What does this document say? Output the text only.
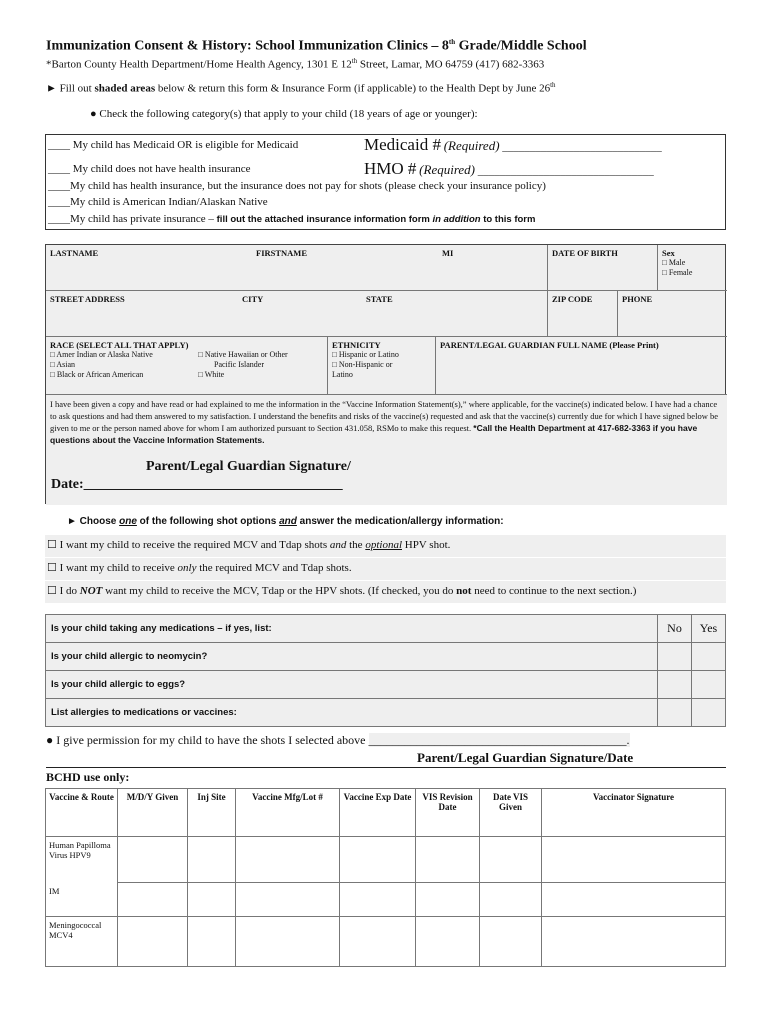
Immunization Consent & History: School Immunization Clinics – 8th Grade/Middle School
*Barton County Health Department/Home Health Agency, 1301 E 12th Street, Lamar, MO 64759 (417) 682-3363
► Fill out shaded areas below & return this form & Insurance Form (if applicable) to the Health Dept by June 26th
● Check the following category(s) that apply to your child (18 years of age or younger):
____ My child has Medicaid OR is eligible for Medicaid	Medicaid # (Required) _____________________________
____ My child does not have health insurance	HMO # (Required) ________________________________
____My child has health insurance, but the insurance does not pay for shots (please check your insurance policy)
____My child is American Indian/Alaskan Native
____My child has private insurance – fill out the attached insurance information form in addition to this form
LASTNAME	FIRSTNAME	MI	DATE OF BIRTH	Sex
□ Male
□ Female
STREET ADDRESS	CITY	STATE	ZIP CODE	PHONE
RACE (SELECT ALL THAT APPLY)
□ Amer Indian or Alaska Native	□ Native Hawaiian or Other
□ Asian	Pacific Islander
□ Black or African American	□ White
ETHNICITY
□ Hispanic or Latino
□ Non-Hispanic or
Latino
PARENT/LEGAL GUARDIAN FULL NAME (Please Print)
I have been given a copy and have read or had explained to me the information in the “Vaccine Information Statement(s),” where applicable, for the vaccine(s) indicated below. I have had a chance to ask questions and had them answered to my satisfaction. I understand the benefits and risks of the vaccine(s) requested and ask that the vaccine(s) currently due for which I have signed below be given to me or the person named above for whom I am authorized pursuant to Section 431.058, RSMo to make this request. *Call the Health Department at 417-682-3363 if you have questions about the Vaccine Information Statements.
Parent/Legal Guardian Signature/
Date:_____________________________________
► Choose one of the following shot options and answer the medication/allergy information:
☐ I want my child to receive the required MCV and Tdap shots and the optional HPV shot.
☐ I want my child to receive only the required MCV and Tdap shots.
☐ I do NOT want my child to receive the MCV, Tdap or the HPV shots. (If checked, you do not need to continue to the next section.)
Is your child taking any medications – if yes, list:	No	Yes
Is your child allergic to neomycin?		
Is your child allergic to eggs?		
List allergies to medications or vaccines:		
● I give permission for my child to have the shots I selected above ___________________________________________.
Parent/Legal Guardian Signature/Date
BCHD use only:
Vaccine & Route	M/D/Y Given	Inj Site	Vaccine Mfg/Lot #	Vaccine Exp Date	VIS Revision Date	Date VIS Given	Vaccinator Signature
Human Papilloma Virus HPV9							
IM							
Meningococcal MCV4							
